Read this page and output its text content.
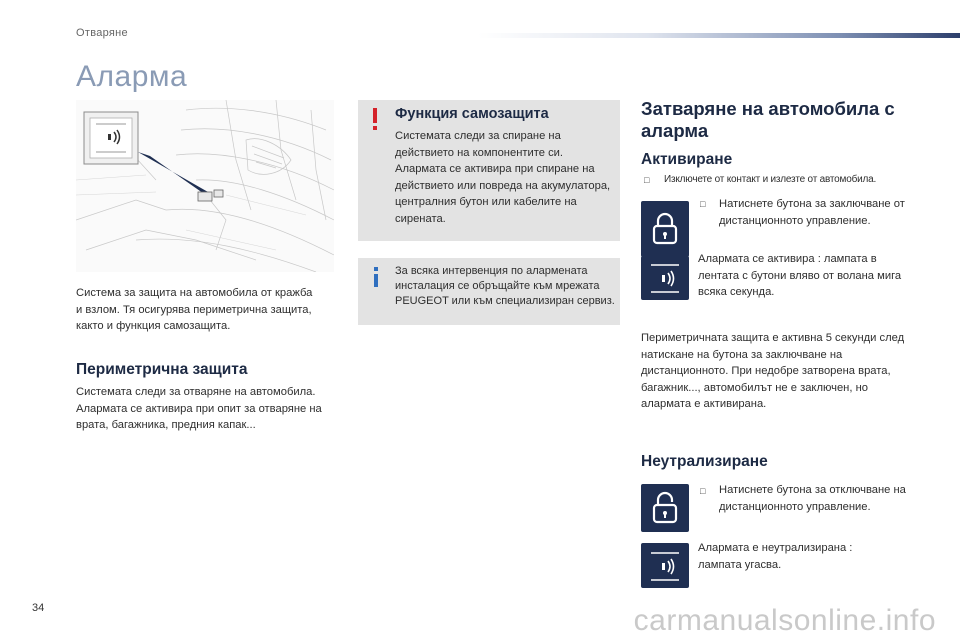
Отваряне
Аларма
Система за защита на автомобила от кражба и взлом. Тя осигурява периметрична защита, както и функция самозащита.
Периметрична защита
Системата следи за отваряне на автомобила. Алармата се активира при опит за отваряне на врата, багажника, предния капак...
Функция самозащита
Системата следи за спиране на действието на компонентите си. Алармата се активира при спиране на действието или повреда на акумулатора, централния бутон или кабелите на сирената.
За всяка интервенция по алармената инсталация се обръщайте към мрежата PEUGEOT или към специализиран сервиз.
Затваряне на автомобила с аларма
Активиране
□ Изключете от контакт и излезте от автомобила.
□ Натиснете бутона за заключване от дистанционното управление.
Алармата се активира : лампата в лентата с бутони вляво от волана мига всяка секунда.
Периметричната защита е активна 5 секунди след натискане на бутона за заключване на дистанционното. При недобре затворена врата, багажник..., автомобилът не е заключен, но алармата е активирана.
Неутрализиране
□ Натиснете бутона за отключване на дистанционното управление.
Алармата е неутрализирана : лампата угасва.
34	carmanualsonline.info
